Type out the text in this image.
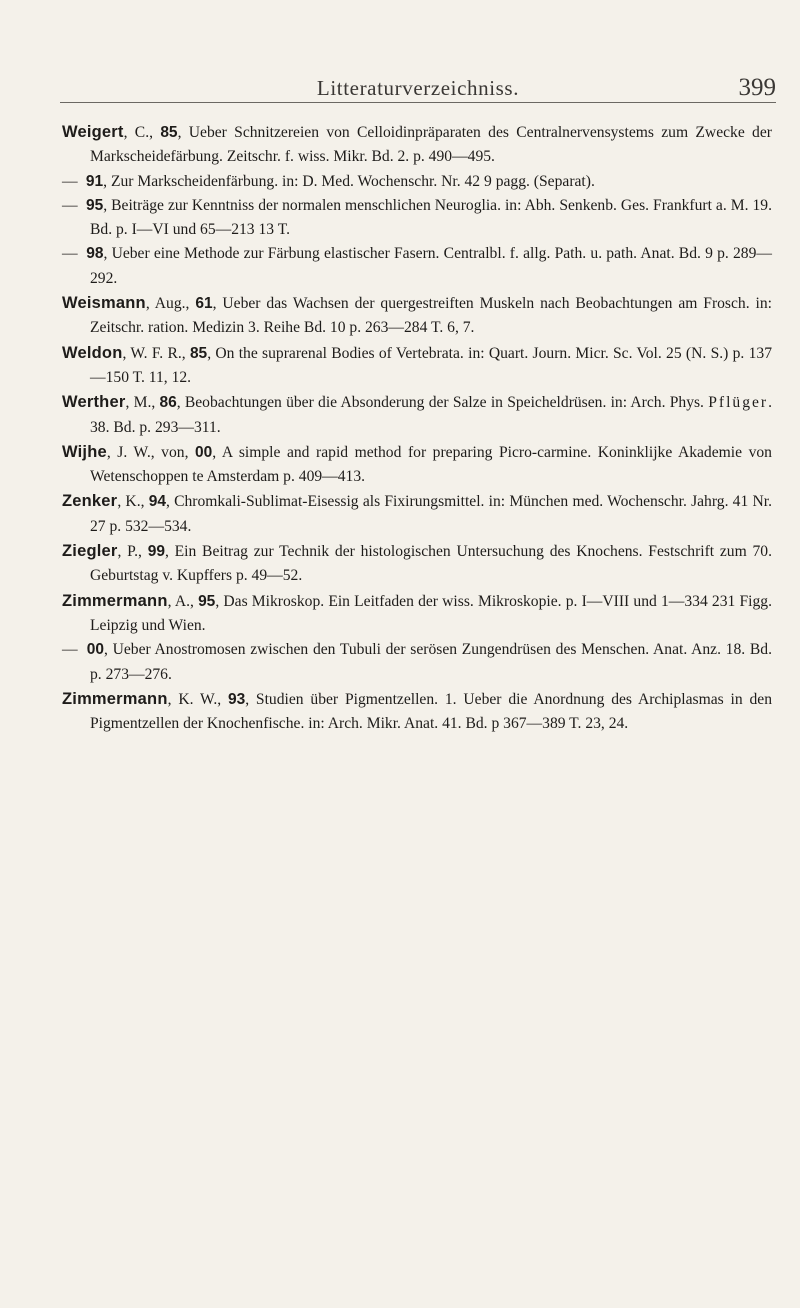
Litteraturverzeichniss.	399

Weigert, C., 85, Ueber Schnitzereien von Celloidinpräparaten des Centralnervensystems zum Zwecke der Markscheidefärbung. Zeitschr. f. wiss. Mikr. Bd. 2. p. 490—495.

— 91, Zur Markscheidenfärbung. in: D. Med. Wochenschr. Nr. 42 9 pagg. (Separat).

— 95, Beiträge zur Kenntniss der normalen menschlichen Neuroglia. in: Abh. Senkenb. Ges. Frankfurt a. M. 19. Bd. p. I—VI und 65—213 13 T.

— 98, Ueber eine Methode zur Färbung elastischer Fasern. Centralbl. f. allg. Path. u. path. Anat. Bd. 9 p. 289—292.

Weismann, Aug., 61, Ueber das Wachsen der quergestreiften Muskeln nach Beobachtungen am Frosch. in: Zeitschr. ration. Medizin 3. Reihe Bd. 10 p. 263—284 T. 6, 7.

Weldon, W. F. R., 85, On the suprarenal Bodies of Vertebrata. in: Quart. Journ. Micr. Sc. Vol. 25 (N. S.) p. 137—150 T. 11, 12.

Werther, M., 86, Beobachtungen über die Absonderung der Salze in Speicheldrüsen. in: Arch. Phys. Pflüger. 38. Bd. p. 293—311.

Wijhe, J. W., von, 00, A simple and rapid method for preparing Picro-carmine. Koninklijke Akademie von Wetenschoppen te Amsterdam p. 409—413.

Zenker, K., 94, Chromkali-Sublimat-Eisessig als Fixirungsmittel. in: München med. Wochenschr. Jahrg. 41 Nr. 27 p. 532—534.

Ziegler, P., 99, Ein Beitrag zur Technik der histologischen Untersuchung des Knochens. Festschrift zum 70. Geburtstag v. Kupffers p. 49—52.

Zimmermann, A., 95, Das Mikroskop. Ein Leitfaden der wiss. Mikroskopie. p. I—VIII und 1—334 231 Figg. Leipzig und Wien.

— 00, Ueber Anostromosen zwischen den Tubuli der serösen Zungendrüsen des Menschen. Anat. Anz. 18. Bd. p. 273—276.

Zimmermann, K. W., 93, Studien über Pigmentzellen. 1. Ueber die Anordnung des Archiplasmas in den Pigmentzellen der Knochenfische. in: Arch. Mikr. Anat. 41. Bd. p 367—389 T. 23, 24.
